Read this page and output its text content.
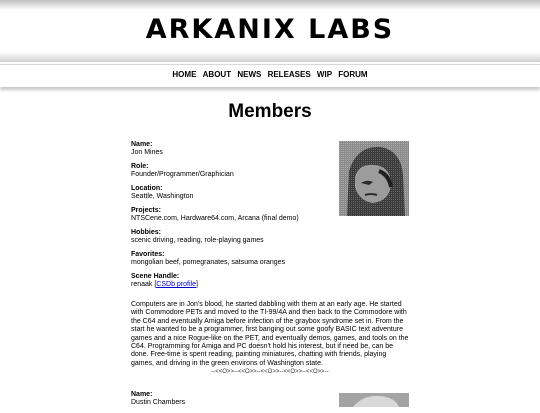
ARKANIX LABS
HOME ABOUT NEWS RELEASES WIP FORUM
Members
Name:
Jon Mines
Role:
Founder/Programmer/Graphician
Location:
Seattle, Washington
Projects:
NTSCene.com, Hardware64.com, Arcana (final demo)
Hobbies:
scenic driving, reading, role-playing games
Favorites:
mongolian beef, pomegranates, satsuma oranges
Scene Handle:
renaak [CSDb profile]
Computers are in Jon's blood, he started dabbling with them at an early age. He started with Commodore PETs and moved to the TI-99/4A and then back to the Commodore with the C64 and eventually Amiga before infection of the graybox syndrome set in. From the start he wanted to be a programmer, first banging out some goofy BASIC text adventure games and a nice Rogue-like on the PET, and eventually demos, games, and tools on the C64. Programming for Amiga and PC doesn't hold his interest, but if need be, can be done. Free-time is spent reading, painting miniatures, chatting with friends, playing games, and driving in the green environs of Washington state.
--<<O>>--<<O>>--<<O>>--<<O>>--<<O>>--
Name:
Dustin Chambers
